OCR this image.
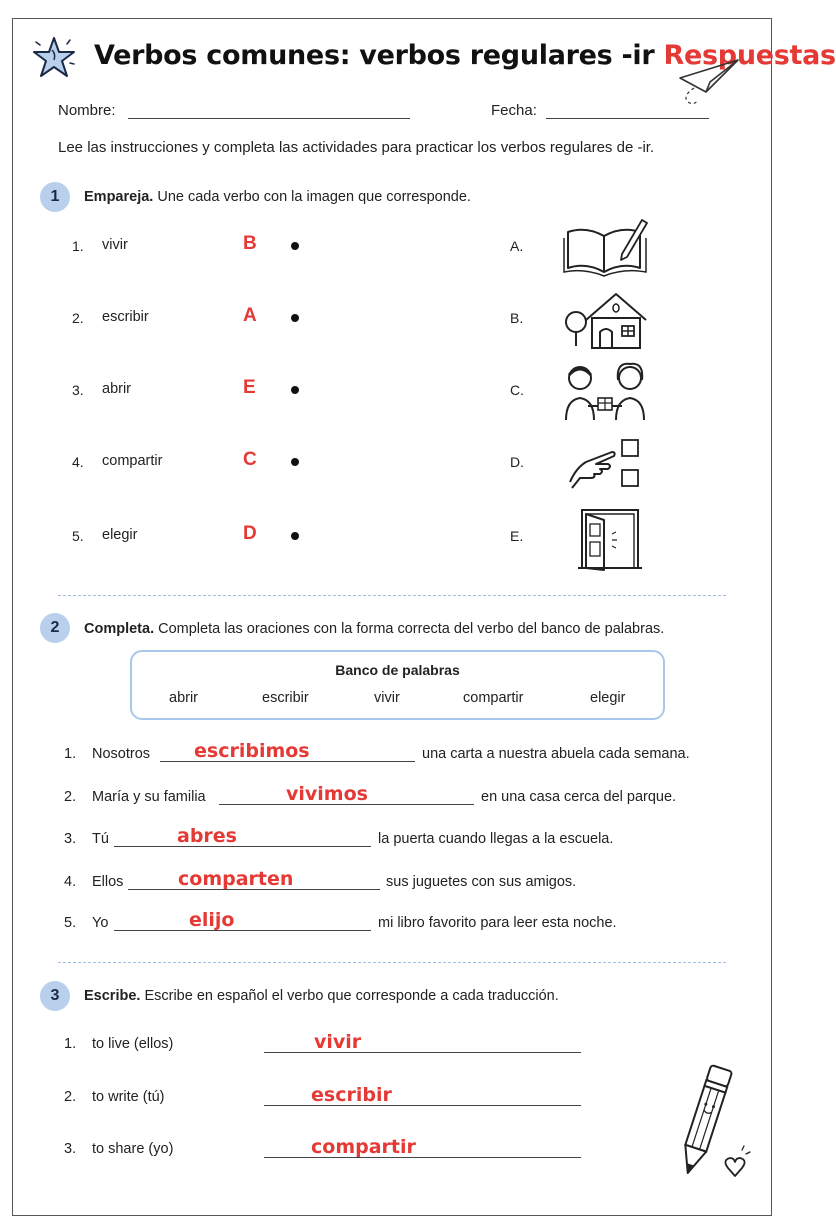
Verbos comunes: verbos regulares -ir Respuestas
Nombre:	Fecha:
Lee las instrucciones y completa las actividades para practicar los verbos regulares de -ir.
1	Empareja. Une cada verbo con la imagen que corresponde.
1. vivir	B	A.
2. escribir	A	B.
3. abrir	E	C.
4. compartir	C	D.
5. elegir	D	E.
2	Completa. Completa las oraciones con la forma correcta del verbo del banco de palabras.
Banco de palabras
abrir	escribir	vivir	compartir	elegir
1. Nosotros escribimos	una carta a nuestra abuela cada semana.
2. María y su familia	vivimos	en una casa cerca del parque.
3. Tú	abres	la puerta cuando llegas a la escuela.
4. Ellos	comparten	sus juguetes con sus amigos.
5. Yo	elijo	mi libro favorito para leer esta noche.
3	Escribe. Escribe en español el verbo que corresponde a cada traducción.
1. to live (ellos)	vivir
2. to write (tú)	escribir
3. to share (yo)	compartir
